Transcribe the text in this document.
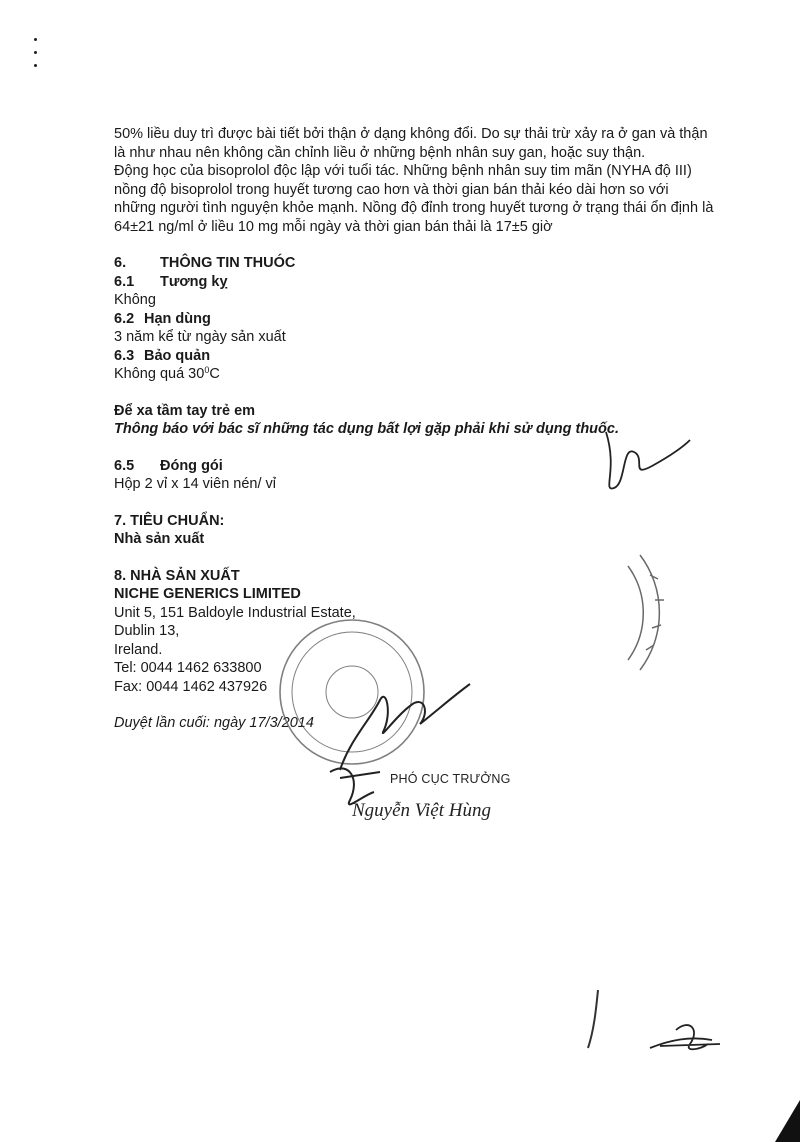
50% liều duy trì được bài tiết bởi thận ở dạng không đổi. Do sự thải trừ xảy ra ở gan và thận là như nhau nên không cần chỉnh liều ở những bệnh nhân suy gan, hoặc suy thận.

Động học của bisoprolol độc lập với tuổi tác. Những bệnh nhân suy tim mãn (NYHA độ III) nồng độ bisoprolol trong huyết tương cao hơn và thời gian bán thải kéo dài hơn so với những người tình nguyện khỏe mạnh. Nồng độ đỉnh trong huyết tương ở trạng thái ổn định là 64±21 ng/ml ở liều 10 mg mỗi ngày và thời gian bán thải là 17±5 giờ

6. THÔNG TIN THUÓC

6.1 Tương kỵ

Không

6.2 Hạn dùng

3 năm kể từ ngày sản xuất

6.3 Bảo quản

Không quá $30^0C$

Để xa tầm tay trẻ em

Thông báo với bác sĩ những tác dụng bất lợi gặp phải khi sử dụng thuốc.

6.5 Đóng gói

Hộp 2 vỉ x 14 viên nén/ vỉ

7. TIÊU CHUẨN:

Nhà sản xuất

8. NHÀ SẢN XUẤT

NICHE GENERICS LIMITED

Unit 5, 151 Baldoyle Industrial Estate,

Dublin 13,

Ireland.

Tel: 0044 1462 633800

Fax: 0044 1462 437926

Duyệt lần cuối: ngày 17/3/2014

PHÓ CỤC TRƯỞNG
Nguyễn Việt Hùng
